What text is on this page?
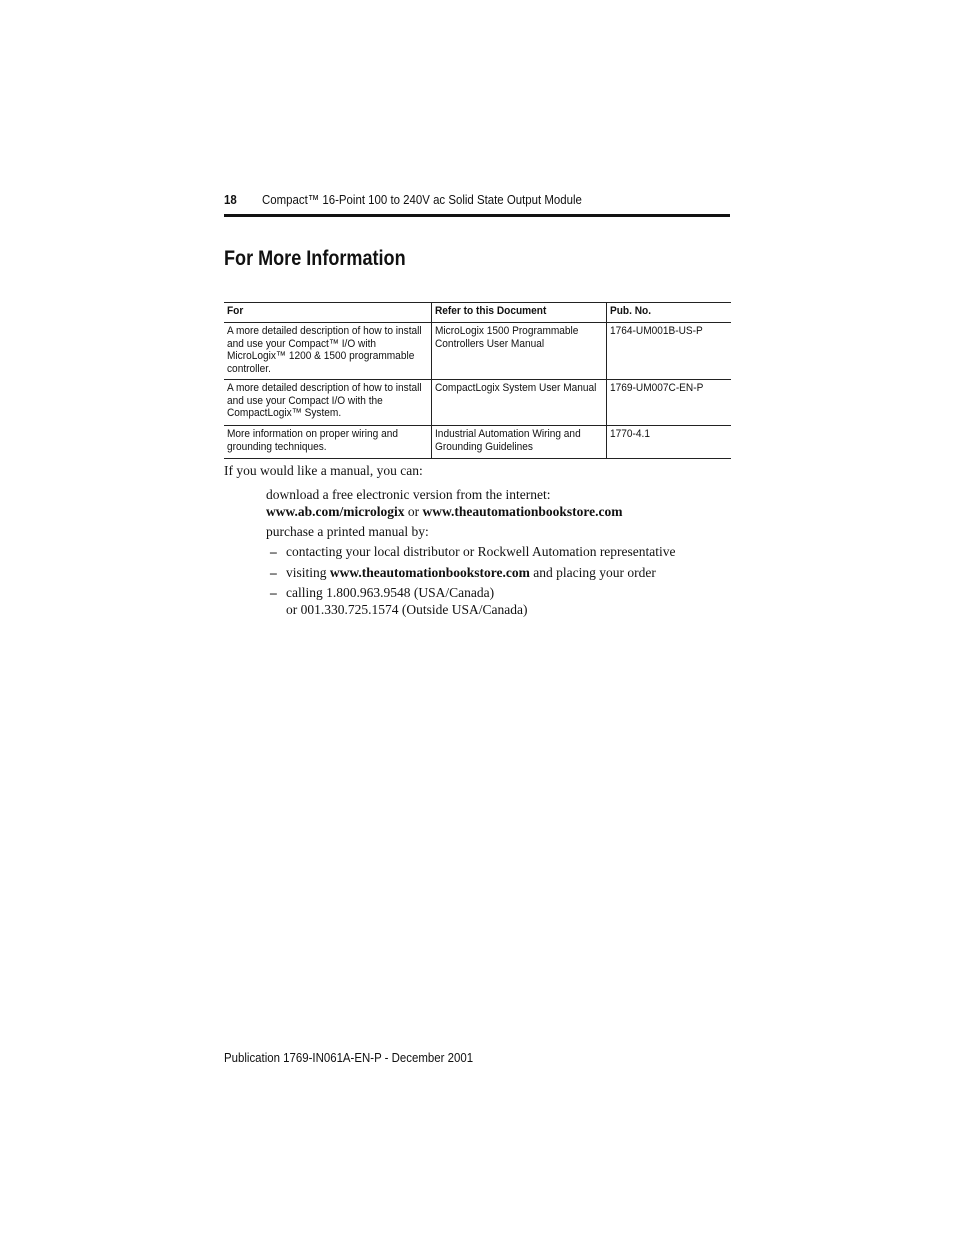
18 Compact™ 16-Point 100 to 240V ac Solid State Output Module
For More Information
For	Refer to this Document	Pub. No.

A more detailed description of how to install and use your Compact™ I/O with MicroLogix™ 1200 & 1500 programmable controller.	MicroLogix 1500 Programmable Controllers User Manual	1764-UM001B-US-P

A more detailed description of how to install and use your Compact I/O with the CompactLogix™ System.	CompactLogix System User Manual	1769-UM007C-EN-P

More information on proper wiring and grounding techniques.	Industrial Automation Wiring and Grounding Guidelines	1770-4.1
If you would like a manual, you can:
download a free electronic version from the internet:
www.ab.com/micrologix or www.theautomationbookstore.com
purchase a printed manual by:
– contacting your local distributor or Rockwell Automation representative
– visiting www.theautomationbookstore.com and placing your order
– calling 1.800.963.9548 (USA/Canada)
or 001.330.725.1574 (Outside USA/Canada)
Publication 1769-IN061A-EN-P - December 2001
